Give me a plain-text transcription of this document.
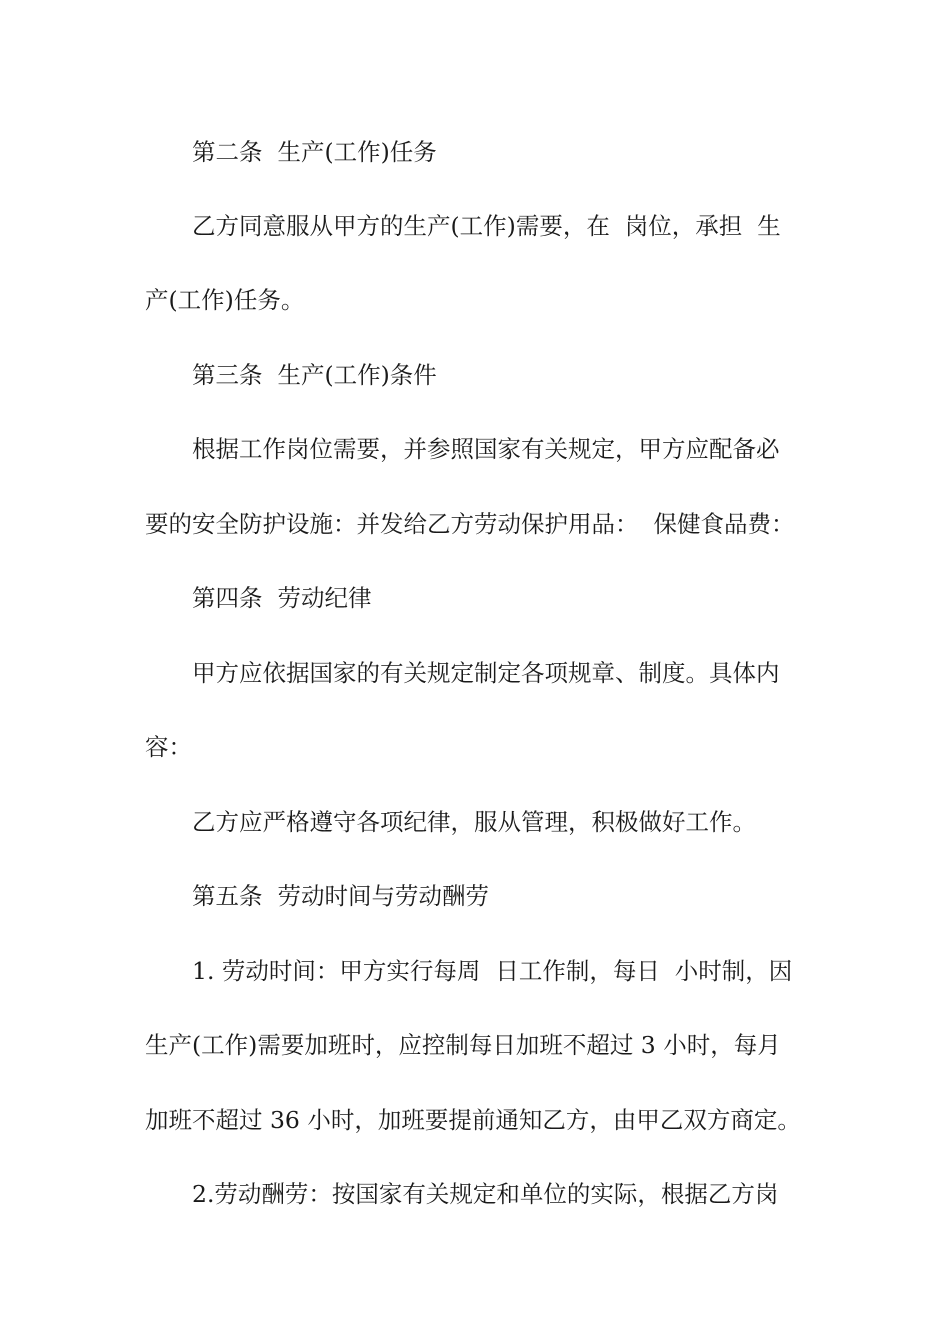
第二条  生产(工作)任务
乙方同意服从甲方的生产(工作)需要，在  岗位，承担  生
产(工作)任务。
第三条  生产(工作)条件
根据工作岗位需要，并参照国家有关规定，甲方应配备必
要的安全防护设施：并发给乙方劳动保护用品：  保健食品费：
第四条  劳动纪律
甲方应依据国家的有关规定制定各项规章、制度。具体内
容：
乙方应严格遵守各项纪律，服从管理，积极做好工作。
第五条  劳动时间与劳动酬劳
1. 劳动时间：甲方实行每周  日工作制，每日  小时制，因
生产(工作)需要加班时，应控制每日加班不超过 3 小时，每月
加班不超过 36 小时，加班要提前通知乙方，由甲乙双方商定。
2.劳动酬劳：按国家有关规定和单位的实际，根据乙方岗
